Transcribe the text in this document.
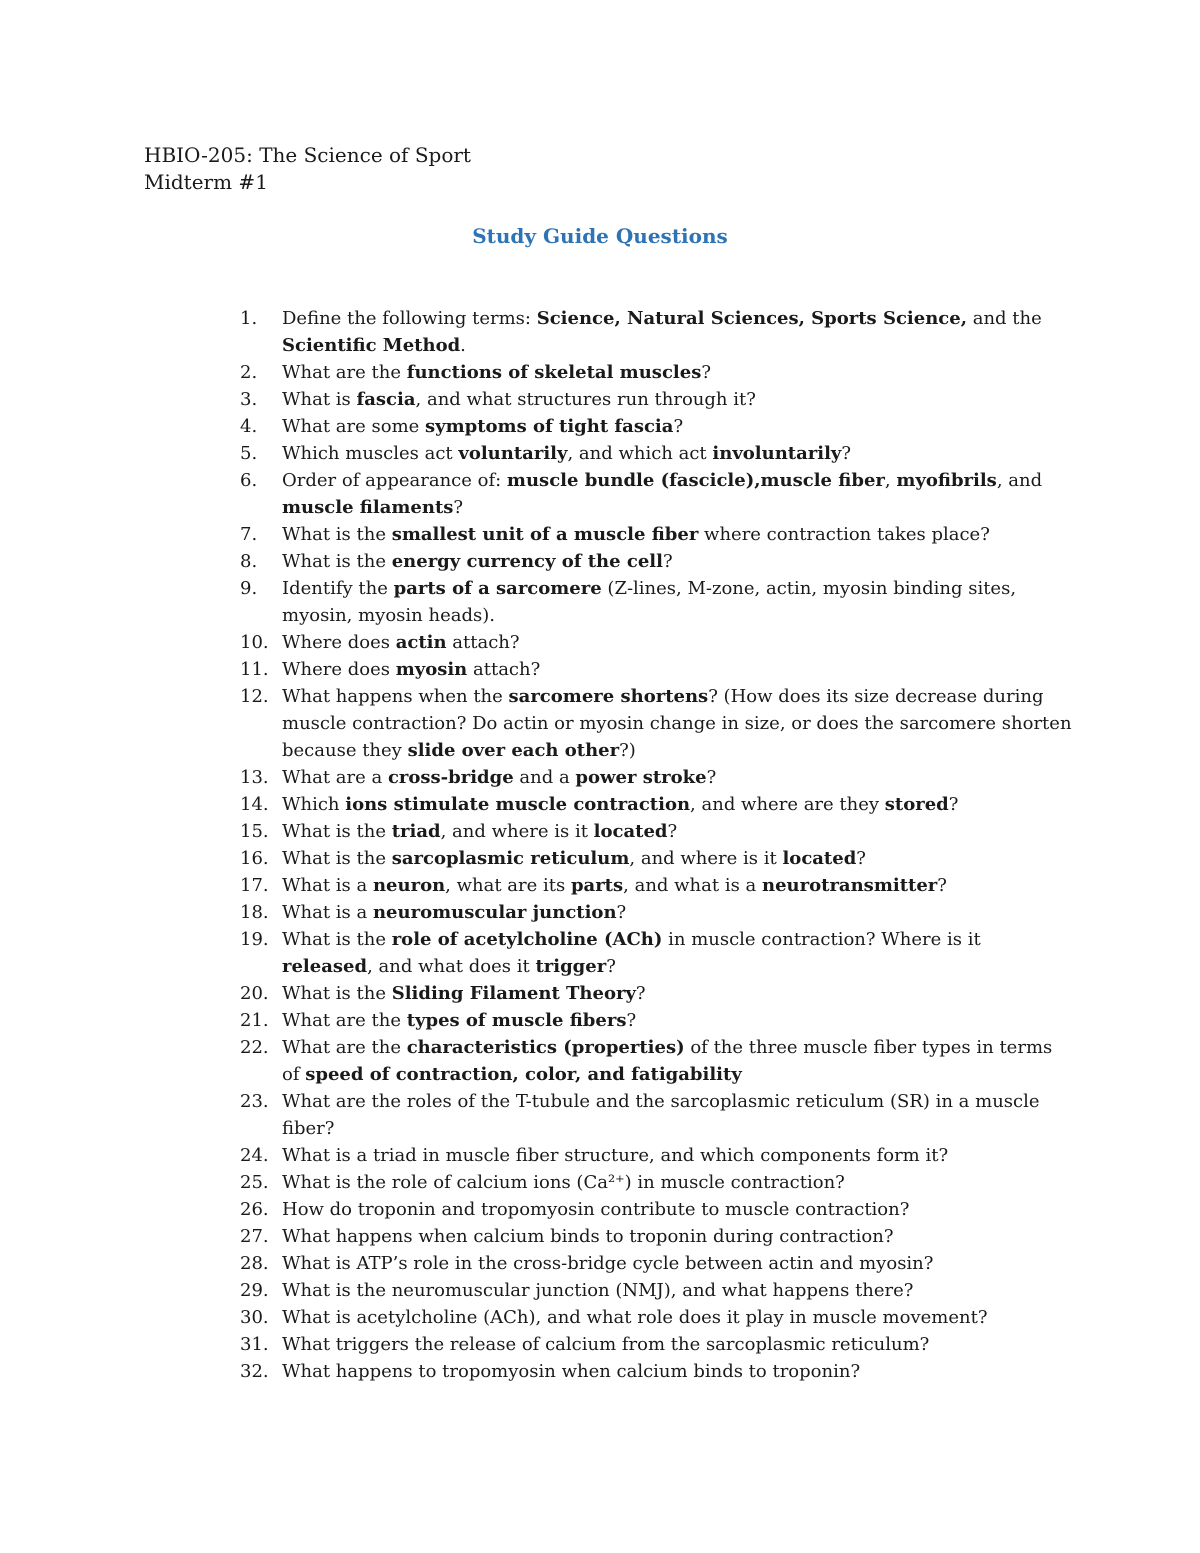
HBIO-205: The Science of Sport
Midterm #1
Study Guide Questions
1.	Define the following terms: Science, Natural Sciences, Sports Science, and the Scientific Method.
2.	What are the functions of skeletal muscles?
3.	What is fascia, and what structures run through it?
4.	What are some symptoms of tight fascia?
5.	Which muscles act voluntarily, and which act involuntarily?
6.	Order of appearance of: muscle bundle (fascicle),muscle fiber, myofibrils, and muscle filaments?
7.	What is the smallest unit of a muscle fiber where contraction takes place?
8.	What is the energy currency of the cell?
9.	Identify the parts of a sarcomere (Z-lines, M-zone, actin, myosin binding sites, myosin, myosin heads).
10. Where does actin attach?
11. Where does myosin attach?
12. What happens when the sarcomere shortens? (How does its size decrease during muscle contraction? Do actin or myosin change in size, or does the sarcomere shorten because they slide over each other?)
13. What are a cross-bridge and a power stroke?
14. Which ions stimulate muscle contraction, and where are they stored?
15. What is the triad, and where is it located?
16. What is the sarcoplasmic reticulum, and where is it located?
17. What is a neuron, what are its parts, and what is a neurotransmitter?
18. What is a neuromuscular junction?
19. What is the role of acetylcholine (ACh) in muscle contraction? Where is it released, and what does it trigger?
20. What is the Sliding Filament Theory?
21. What are the types of muscle fibers?
22. What are the characteristics (properties) of the three muscle fiber types in terms of speed of contraction, color, and fatigability
23. What are the roles of the T-tubule and the sarcoplasmic reticulum (SR) in a muscle fiber?
24. What is a triad in muscle fiber structure, and which components form it?
25. What is the role of calcium ions (Ca²⁺) in muscle contraction?
26. How do troponin and tropomyosin contribute to muscle contraction?
27. What happens when calcium binds to troponin during contraction?
28. What is ATP’s role in the cross-bridge cycle between actin and myosin?
29. What is the neuromuscular junction (NMJ), and what happens there?
30. What is acetylcholine (ACh), and what role does it play in muscle movement?
31. What triggers the release of calcium from the sarcoplasmic reticulum?
32. What happens to tropomyosin when calcium binds to troponin?
